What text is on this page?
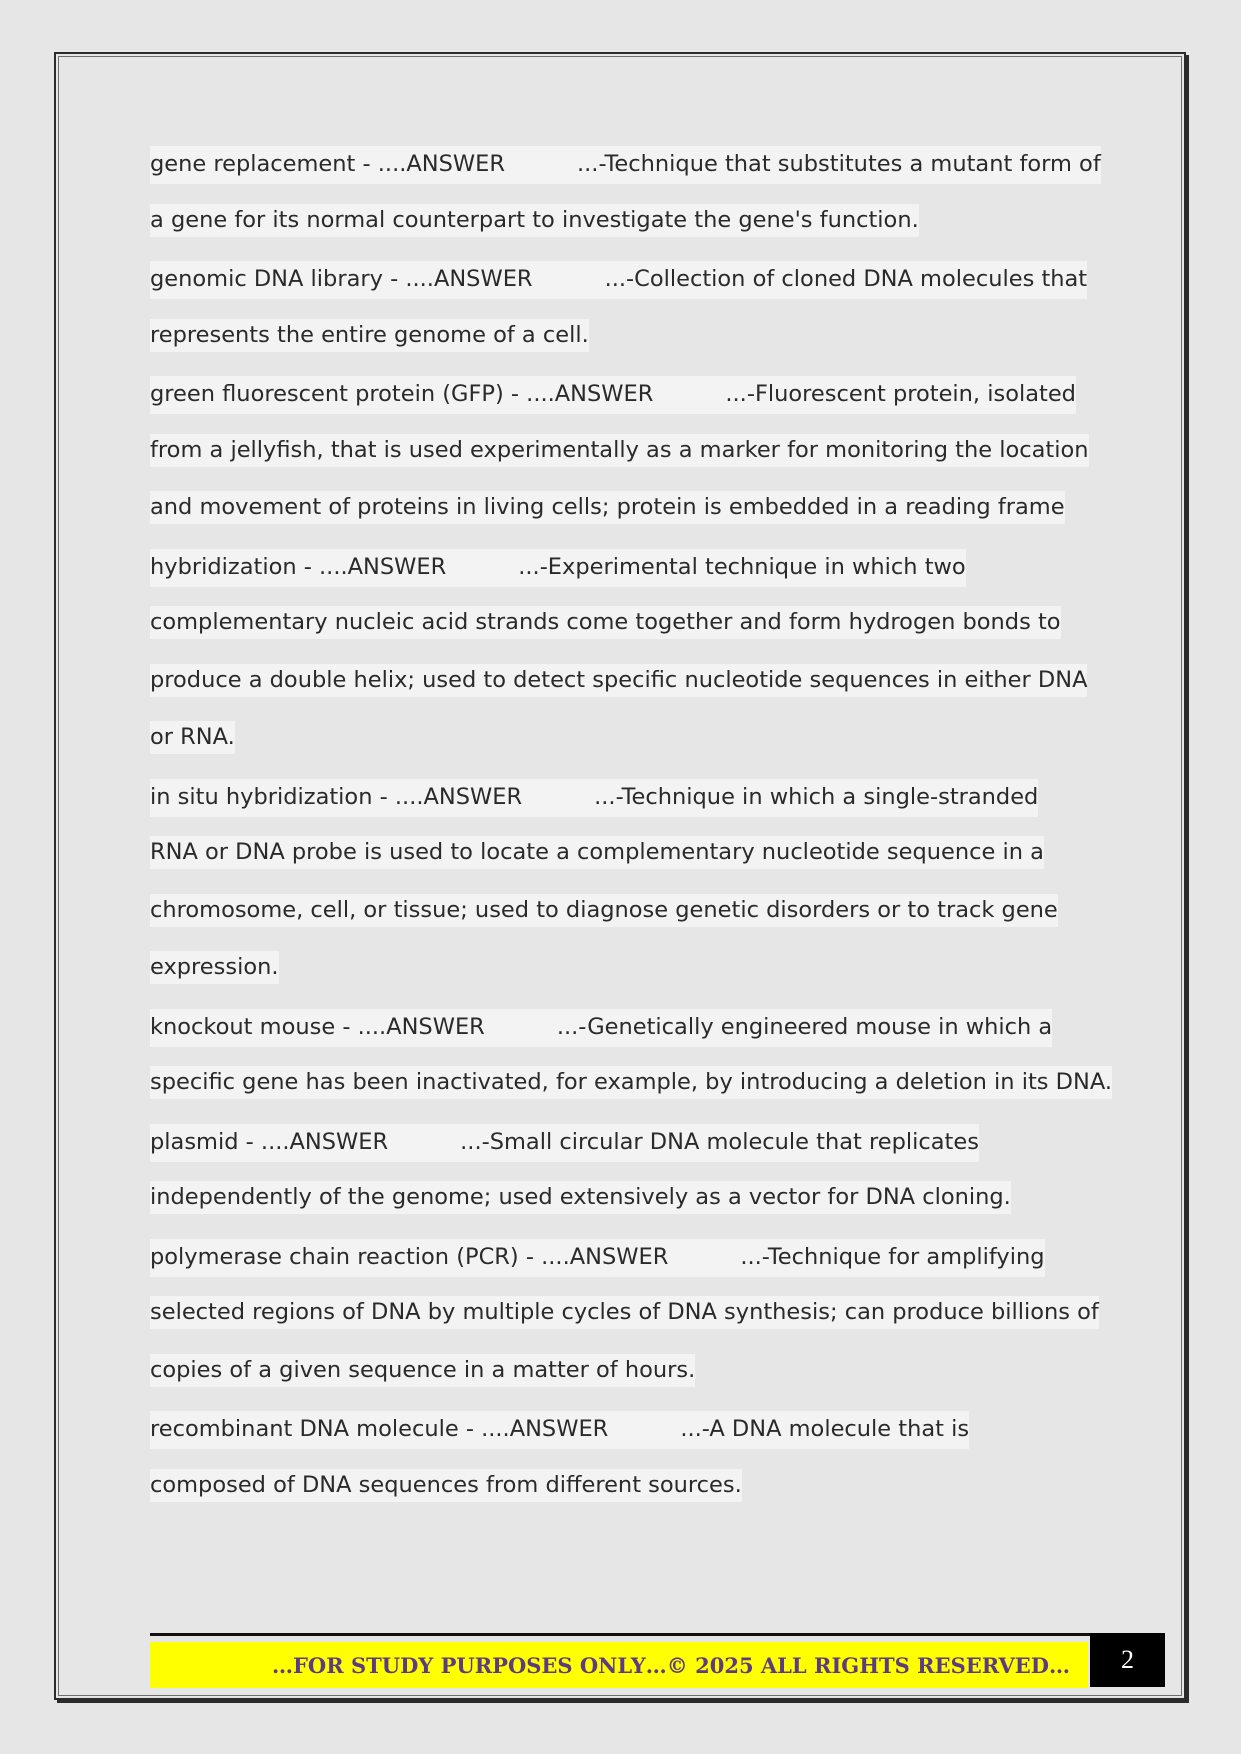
gene replacement - ....ANSWER	...-Technique that substitutes a mutant form of
a gene for its normal counterpart to investigate the gene's function.
genomic DNA library - ....ANSWER	...-Collection of cloned DNA molecules that
represents the entire genome of a cell.
green fluorescent protein (GFP) - ....ANSWER	...-Fluorescent protein, isolated
from a jellyfish, that is used experimentally as a marker for monitoring the location
and movement of proteins in living cells; protein is embedded in a reading frame
hybridization - ....ANSWER	...-Experimental technique in which two
complementary nucleic acid strands come together and form hydrogen bonds to
produce a double helix; used to detect specific nucleotide sequences in either DNA
or RNA.
in situ hybridization - ....ANSWER	...-Technique in which a single-stranded
RNA or DNA probe is used to locate a complementary nucleotide sequence in a
chromosome, cell, or tissue; used to diagnose genetic disorders or to track gene
expression.
knockout mouse - ....ANSWER	...-Genetically engineered mouse in which a
specific gene has been inactivated, for example, by introducing a deletion in its DNA.
plasmid - ....ANSWER	...-Small circular DNA molecule that replicates
independently of the genome; used extensively as a vector for DNA cloning.
polymerase chain reaction (PCR) - ....ANSWER	...-Technique for amplifying
selected regions of DNA by multiple cycles of DNA synthesis; can produce billions of
copies of a given sequence in a matter of hours.
recombinant DNA molecule - ....ANSWER	...-A DNA molecule that is
composed of DNA sequences from different sources.
…FOR STUDY PURPOSES ONLY…© 2025 ALL RIGHTS RESERVED…	2
